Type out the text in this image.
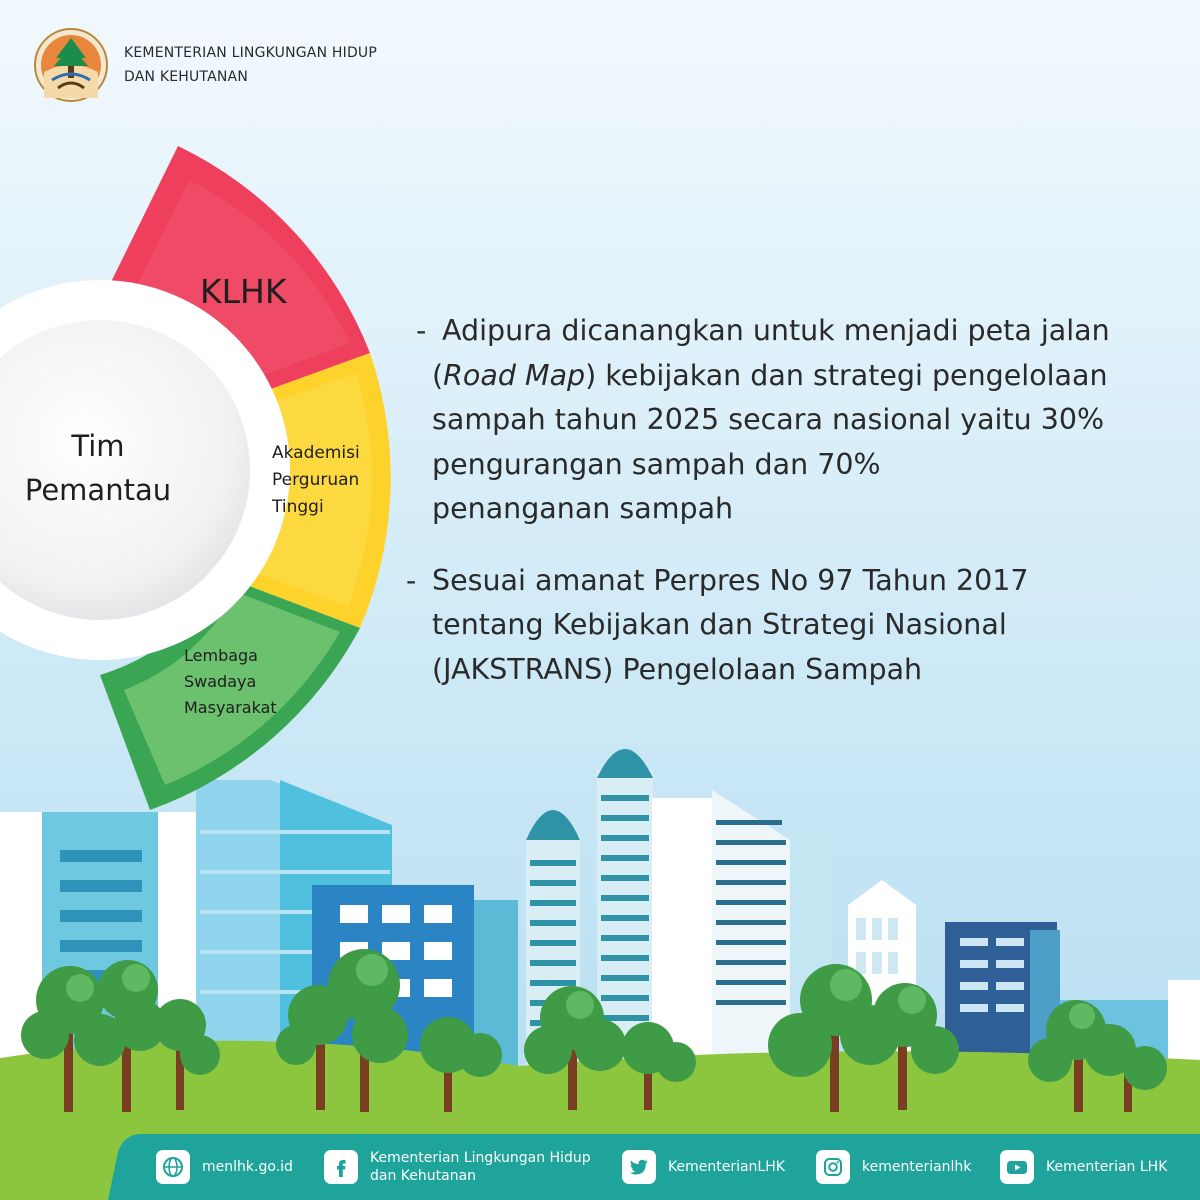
KEMENTERIAN LINGKUNGAN HIDUP
DAN KEHUTANAN
KLHK
Tim
Pemantau
Akademisi
Perguruan
Tinggi
Lembaga
Swadaya
Masyarakat
- Adipura dicanangkan untuk menjadi peta jalan
(Road Map) kebijakan dan strategi pengelolaan
sampah tahun 2025 secara nasional yaitu 30%
pengurangan sampah dan 70%
penanganan sampah
- Sesuai amanat Perpres No 97 Tahun 2017
tentang Kebijakan dan Strategi Nasional
(JAKSTRANS) Pengelolaan Sampah
menlhk.go.id
Kementerian Lingkungan Hidup
dan Kehutanan
KementerianLHK	kementerianlhk	Kementerian LHK
